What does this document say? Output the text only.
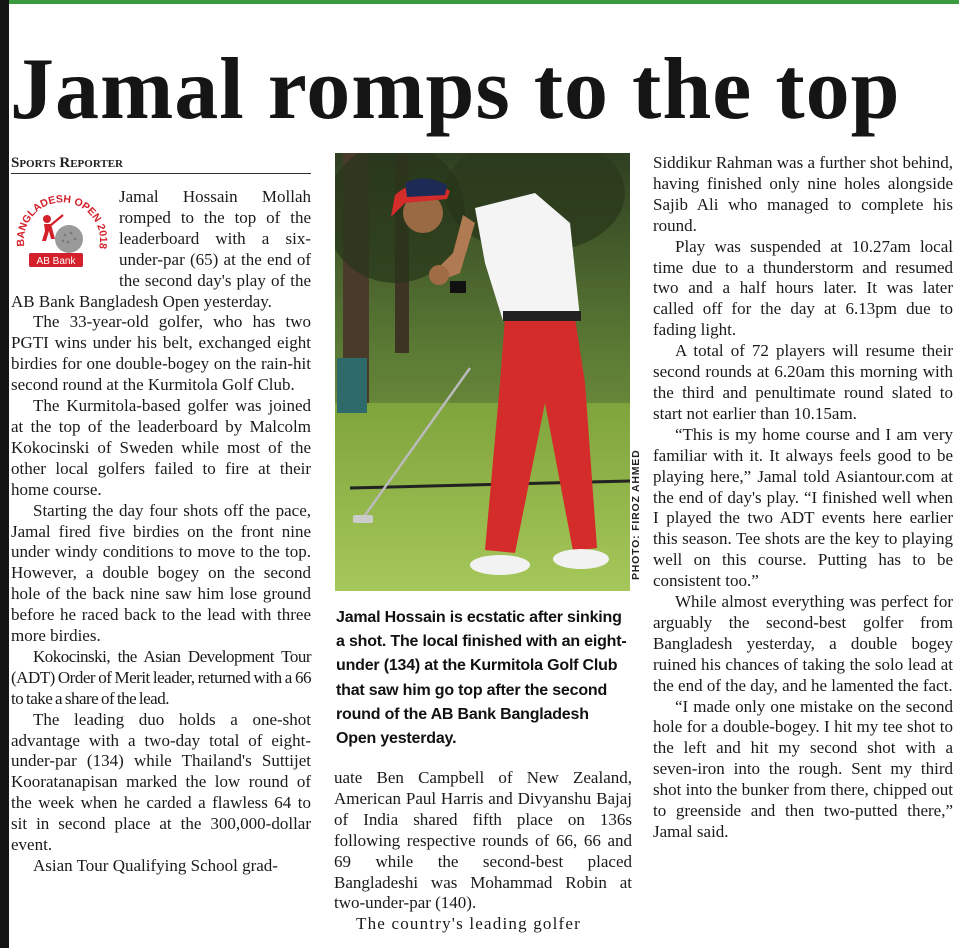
Jamal romps to the top
Sports Reporter
BANGLADESH OPEN 2018
AB Bank

Jamal Hossain Mollah romped to the top of the leaderboard with a six-under-par (65) at the end of the second day's play of the AB Bank Bangladesh Open yesterday.

The 33-year-old golfer, who has two PGTI wins under his belt, exchanged eight birdies for one double-bogey on the rain-hit second round at the Kurmitola Golf Club.

The Kurmitola-based golfer was joined at the top of the leaderboard by Malcolm Kokocinski of Sweden while most of the other local golfers failed to fire at their home course.

Starting the day four shots off the pace, Jamal fired five birdies on the front nine under windy conditions to move to the top. However, a double bogey on the second hole of the back nine saw him lose ground before he raced back to the lead with three more birdies.

Kokocinski, the Asian Development Tour (ADT) Order of Merit leader, returned with a 66 to take a share of the lead.

The leading duo holds a one-shot advantage with a two-day total of eight-under-par (134) while Thailand's Suttijet Kooratanapisan marked the low round of the week when he carded a flawless 64 to sit in second place at the 300,000-dollar event.

Asian Tour Qualifying School grad-

PHOTO: FIROZ AHMED
Jamal Hossain is ecstatic after sinking a shot. The local finished with an eight-under (134) at the Kurmitola Golf Club that saw him go top after the second round of the AB Bank Bangladesh Open yesterday.

uate Ben Campbell of New Zealand, American Paul Harris and Divyanshu Bajaj of India shared fifth place on 136s following respective rounds of 66, 66 and 69 while the second-best placed Bangladeshi was Mohammad Robin at two-under-par (140).

The country's leading golfer

Siddikur Rahman was a further shot behind, having finished only nine holes alongside Sajib Ali who managed to complete his round.

Play was suspended at 10.27am local time due to a thunderstorm and resumed two and a half hours later. It was later called off for the day at 6.13pm due to fading light.

A total of 72 players will resume their second rounds at 6.20am this morning with the third and penultimate round slated to start not earlier than 10.15am.

“This is my home course and I am very familiar with it. It always feels good to be playing here,” Jamal told Asiantour.com at the end of day's play. “I finished well when I played the two ADT events here earlier this season. Tee shots are the key to playing well on this course. Putting has to be consistent too.”

While almost everything was perfect for arguably the second-best golfer from Bangladesh yesterday, a double bogey ruined his chances of taking the solo lead at the end of the day, and he lamented the fact.

“I made only one mistake on the second hole for a double-bogey. I hit my tee shot to the left and hit my second shot with a seven-iron into the rough. Sent my third shot into the bunker from there, chipped out to greenside and then two-putted there,” Jamal said.
